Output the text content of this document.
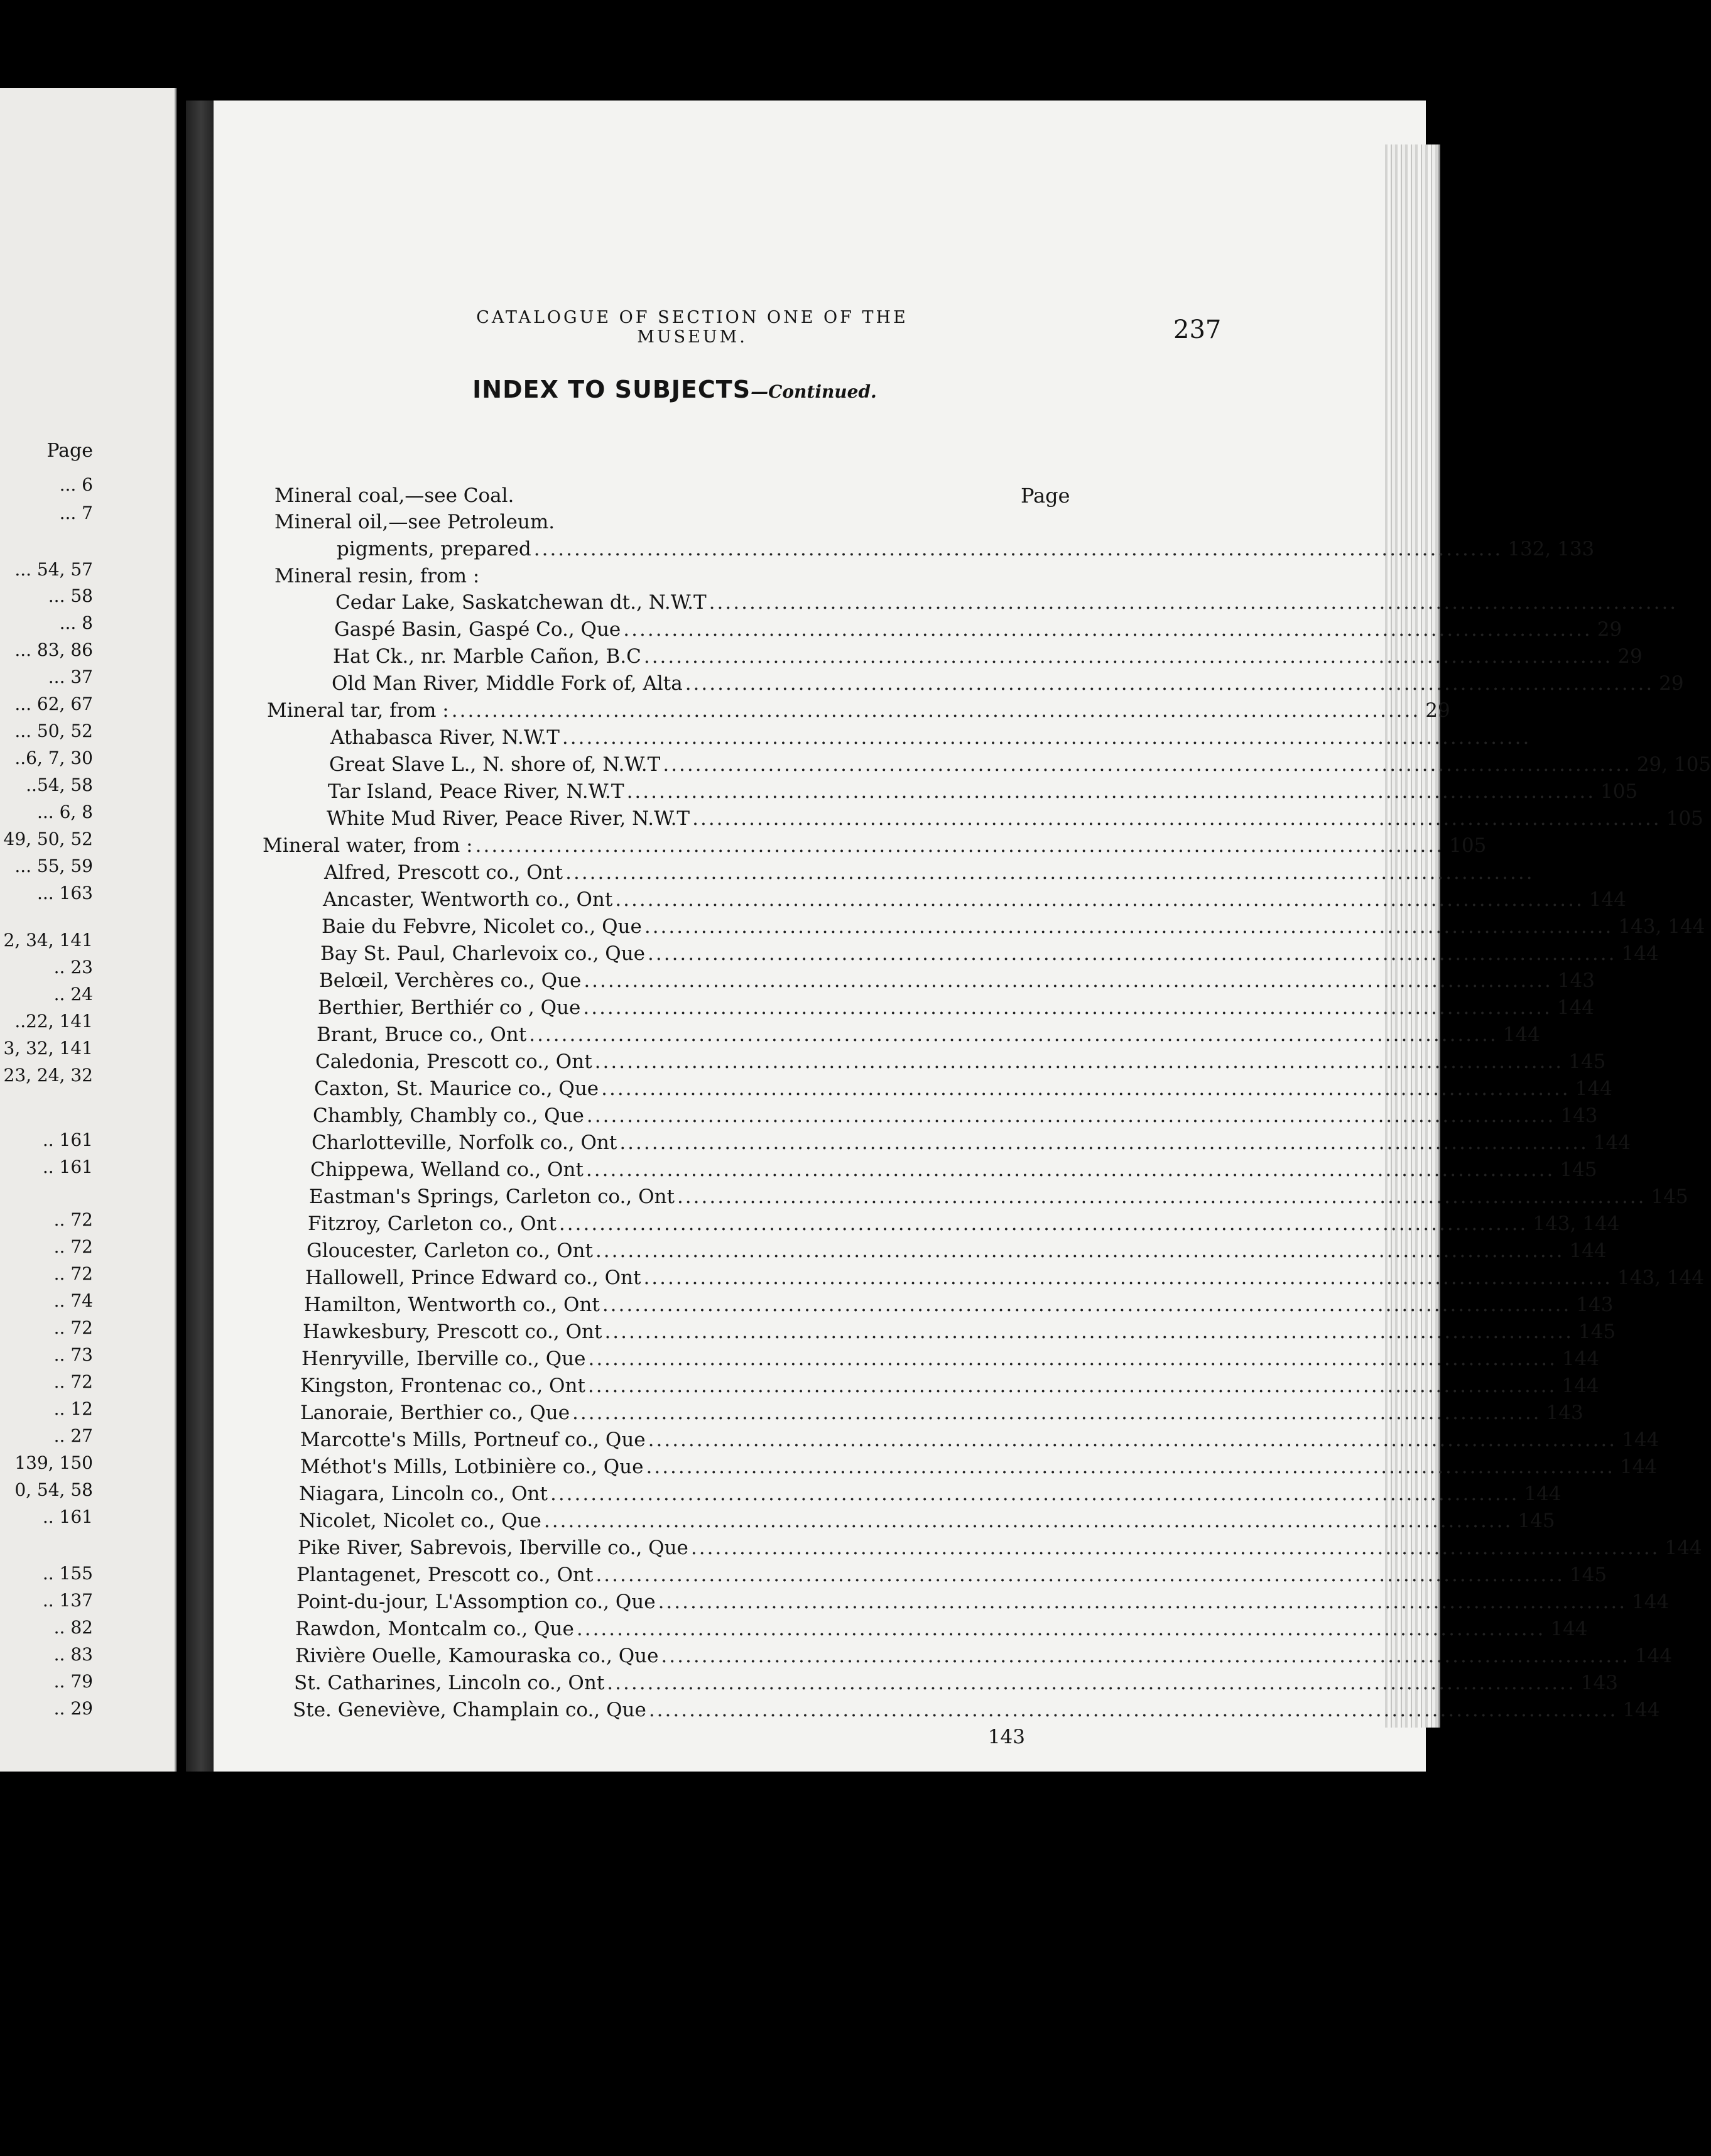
Page
... 6
... 7
... 54, 57
... 58
... 8
... 83, 86
... 37
... 62, 67
... 50, 52
..6, 7, 30
..54, 58
... 6, 8
49, 50, 52
... 55, 59
... 163
2, 34, 141
.. 23
.. 24
..22, 141
3, 32, 141
23, 24, 32
.. 161
.. 161
.. 72
.. 72
.. 72
.. 74
.. 72
.. 73
.. 72
.. 12
.. 27
139, 150
0, 54, 58
.. 161
.. 155
.. 137
.. 82
.. 83
.. 79
.. 29
CATALOGUE OF SECTION ONE OF THE MUSEUM.	237
INDEX TO SUBJECTS—Continued.
Page
Mineral coal,—see Coal.
Mineral oil,—see Petroleum.
pigments, prepared ........................................................................................................................ 132, 133
Mineral resin, from :
Cedar Lake, Saskatchewan dt., N.W.T ........................................................................................................................
Gaspé Basin, Gaspé Co., Que ........................................................................................................................ 29
Hat Ck., nr. Marble Cañon, B.C ........................................................................................................................ 29
Old Man River, Middle Fork of, Alta ........................................................................................................................ 29
Mineral tar, from : ........................................................................................................................ 29
Athabasca River, N.W.T ........................................................................................................................
Great Slave L., N. shore of, N.W.T ........................................................................................................................ 29, 105
Tar Island, Peace River, N.W.T ........................................................................................................................ 105
White Mud River, Peace River, N.W.T ........................................................................................................................ 105
Mineral water, from : ........................................................................................................................ 105
Alfred, Prescott co., Ont ........................................................................................................................
Ancaster, Wentworth co., Ont ........................................................................................................................ 144
Baie du Febvre, Nicolet co., Que ........................................................................................................................ 143, 144
Bay St. Paul, Charlevoix co., Que ........................................................................................................................ 144
Belœil, Verchères co., Que ........................................................................................................................ 143
Berthier, Berthiér co , Que ........................................................................................................................ 144
Brant, Bruce co., Ont ........................................................................................................................ 144
Caledonia, Prescott co., Ont ........................................................................................................................ 145
Caxton, St. Maurice co., Que ........................................................................................................................ 144
Chambly, Chambly co., Que ........................................................................................................................ 143
Charlotteville, Norfolk co., Ont ........................................................................................................................ 144
Chippewa, Welland co., Ont ........................................................................................................................ 145
Eastman's Springs, Carleton co., Ont ........................................................................................................................ 145
Fitzroy, Carleton co., Ont ........................................................................................................................ 143, 144
Gloucester, Carleton co., Ont ........................................................................................................................ 144
Hallowell, Prince Edward co., Ont ........................................................................................................................ 143, 144
Hamilton, Wentworth co., Ont ........................................................................................................................ 143
Hawkesbury, Prescott co., Ont ........................................................................................................................ 145
Henryville, Iberville co., Que ........................................................................................................................ 144
Kingston, Frontenac co., Ont ........................................................................................................................ 144
Lanoraie, Berthier co., Que ........................................................................................................................ 143
Marcotte's Mills, Portneuf co., Que ........................................................................................................................ 144
Méthot's Mills, Lotbinière co., Que ........................................................................................................................ 144
Niagara, Lincoln co., Ont ........................................................................................................................ 144
Nicolet, Nicolet co., Que ........................................................................................................................ 145
Pike River, Sabrevois, Iberville co., Que ........................................................................................................................ 144
Plantagenet, Prescott co., Ont ........................................................................................................................ 145
Point-du-jour, L'Assomption co., Que ........................................................................................................................ 144
Rawdon, Montcalm co., Que ........................................................................................................................ 144
Rivière Ouelle, Kamouraska co., Que ........................................................................................................................ 144
St. Catharines, Lincoln co., Ont ........................................................................................................................ 143
Ste. Geneviève, Champlain co., Que ........................................................................................................................ 144
143
